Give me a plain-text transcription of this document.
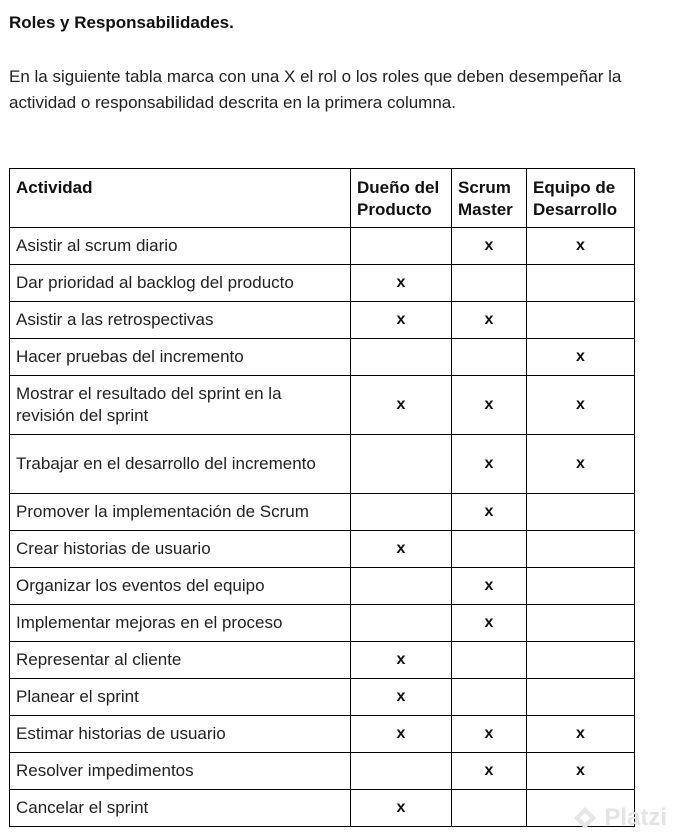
Roles y Responsabilidades.
En la siguiente tabla marca con una X el rol o los roles que deben desempeñar la actividad o responsabilidad descrita en la primera columna.
Actividad	Dueño del Producto	Scrum Master	Equipo de Desarrollo
Asistir al scrum diario		x	x
Dar prioridad al backlog del producto	x		
Asistir a las retrospectivas	x	x	
Hacer pruebas del incremento			x
Mostrar el resultado del sprint en la revisión del sprint	x	x	x
Trabajar en el desarrollo del incremento		x	x
Promover la implementación de Scrum		x	
Crear historias de usuario	x		
Organizar los eventos del equipo		x	
Implementar mejoras en el proceso		x	
Representar al cliente	x		
Planear el sprint	x		
Estimar historias de usuario	x	x	x
Resolver impedimentos		x	x
Cancelar el sprint	x			Platzi
